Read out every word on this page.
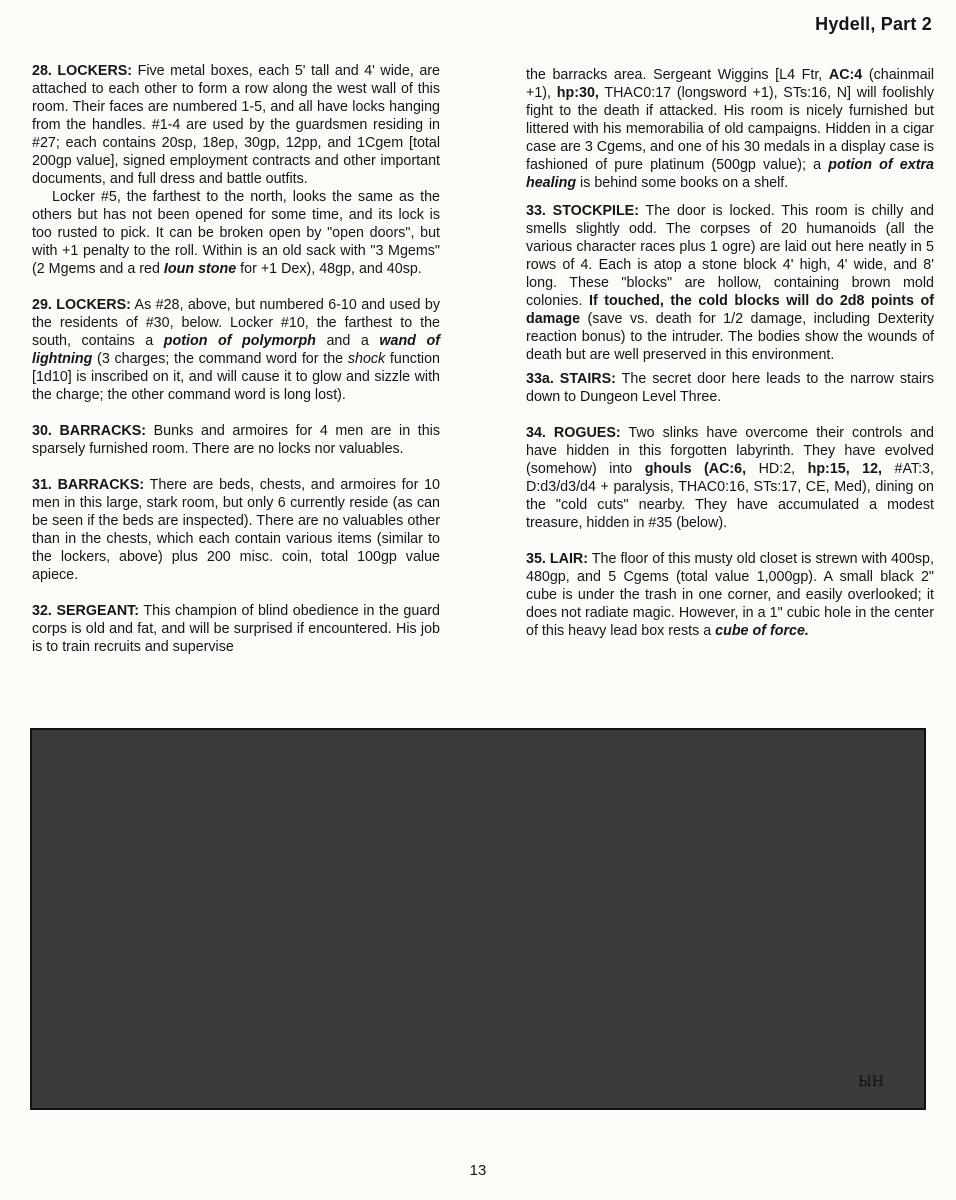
Hydell, Part 2

28. LOCKERS: Five metal boxes, each 5' tall and 4' wide, are attached to each other to form a row along the west wall of this room. Their faces are numbered 1-5, and all have locks hanging from the handles. #1-4 are used by the guardsmen residing in #27; each contains 20sp, 18ep, 30gp, 12pp, and 1Cgem [total 200gp value], signed employment contracts and other important documents, and full dress and battle outfits.

Locker #5, the farthest to the north, looks the same as the others but has not been opened for some time, and its lock is too rusted to pick. It can be broken open by "open doors", but with +1 penalty to the roll. Within is an old sack with "3 Mgems" (2 Mgems and a red Ioun stone for +1 Dex), 48gp, and 40sp.

29. LOCKERS: As #28, above, but numbered 6-10 and used by the residents of #30, below. Locker #10, the farthest to the south, contains a potion of polymorph and a wand of lightning (3 charges; the command word for the shock function [1d10] is inscribed on it, and will cause it to glow and sizzle with the charge; the other command word is long lost).

30. BARRACKS: Bunks and armoires for 4 men are in this sparsely furnished room. There are no locks nor valuables.

31. BARRACKS: There are beds, chests, and armoires for 10 men in this large, stark room, but only 6 currently reside (as can be seen if the beds are inspected). There are no valuables other than in the chests, which each contain various items (similar to the lockers, above) plus 200 misc. coin, total 100gp value apiece.

32. SERGEANT: This champion of blind obedience in the guard corps is old and fat, and will be surprised if encountered. His job is to train recruits and supervise

the barracks area. Sergeant Wiggins [L4 Ftr, AC:4 (chainmail +1), hp:30, THAC0:17 (longsword +1), STs:16, N] will foolishly fight to the death if attacked. His room is nicely furnished but littered with his memorabilia of old campaigns. Hidden in a cigar case are 3 Cgems, and one of his 30 medals in a display case is fashioned of pure platinum (500gp value); a potion of extra healing is behind some books on a shelf.

33. STOCKPILE: The door is locked. This room is chilly and smells slightly odd. The corpses of 20 humanoids (all the various character races plus 1 ogre) are laid out here neatly in 5 rows of 4. Each is atop a stone block 4' high, 4' wide, and 8' long. These "blocks" are hollow, containing brown mold colonies. If touched, the cold blocks will do 2d8 points of damage (save vs. death for 1/2 damage, including Dexterity reaction bonus) to the intruder. The bodies show the wounds of death but are well preserved in this environment.

33a. STAIRS: The secret door here leads to the narrow stairs down to Dungeon Level Three.

34. ROGUES: Two slinks have overcome their controls and have hidden in this forgotten labyrinth. They have evolved (somehow) into ghouls (AC:6, HD:2, hp:15, 12, #AT:3, D:d3/d3/d4 + paralysis, THAC0:16, STs:17, CE, Med), dining on the "cold cuts" nearby. They have accumulated a modest treasure, hidden in #35 (below).

35. LAIR: The floor of this musty old closet is strewn with 400sp, 480gp, and 5 Cgems (total value 1,000gp). A small black 2" cube is under the trash in one corner, and easily overlooked; it does not radiate magic. However, in a 1" cubic hole in the center of this heavy lead box rests a cube of force.

ЫH
13
